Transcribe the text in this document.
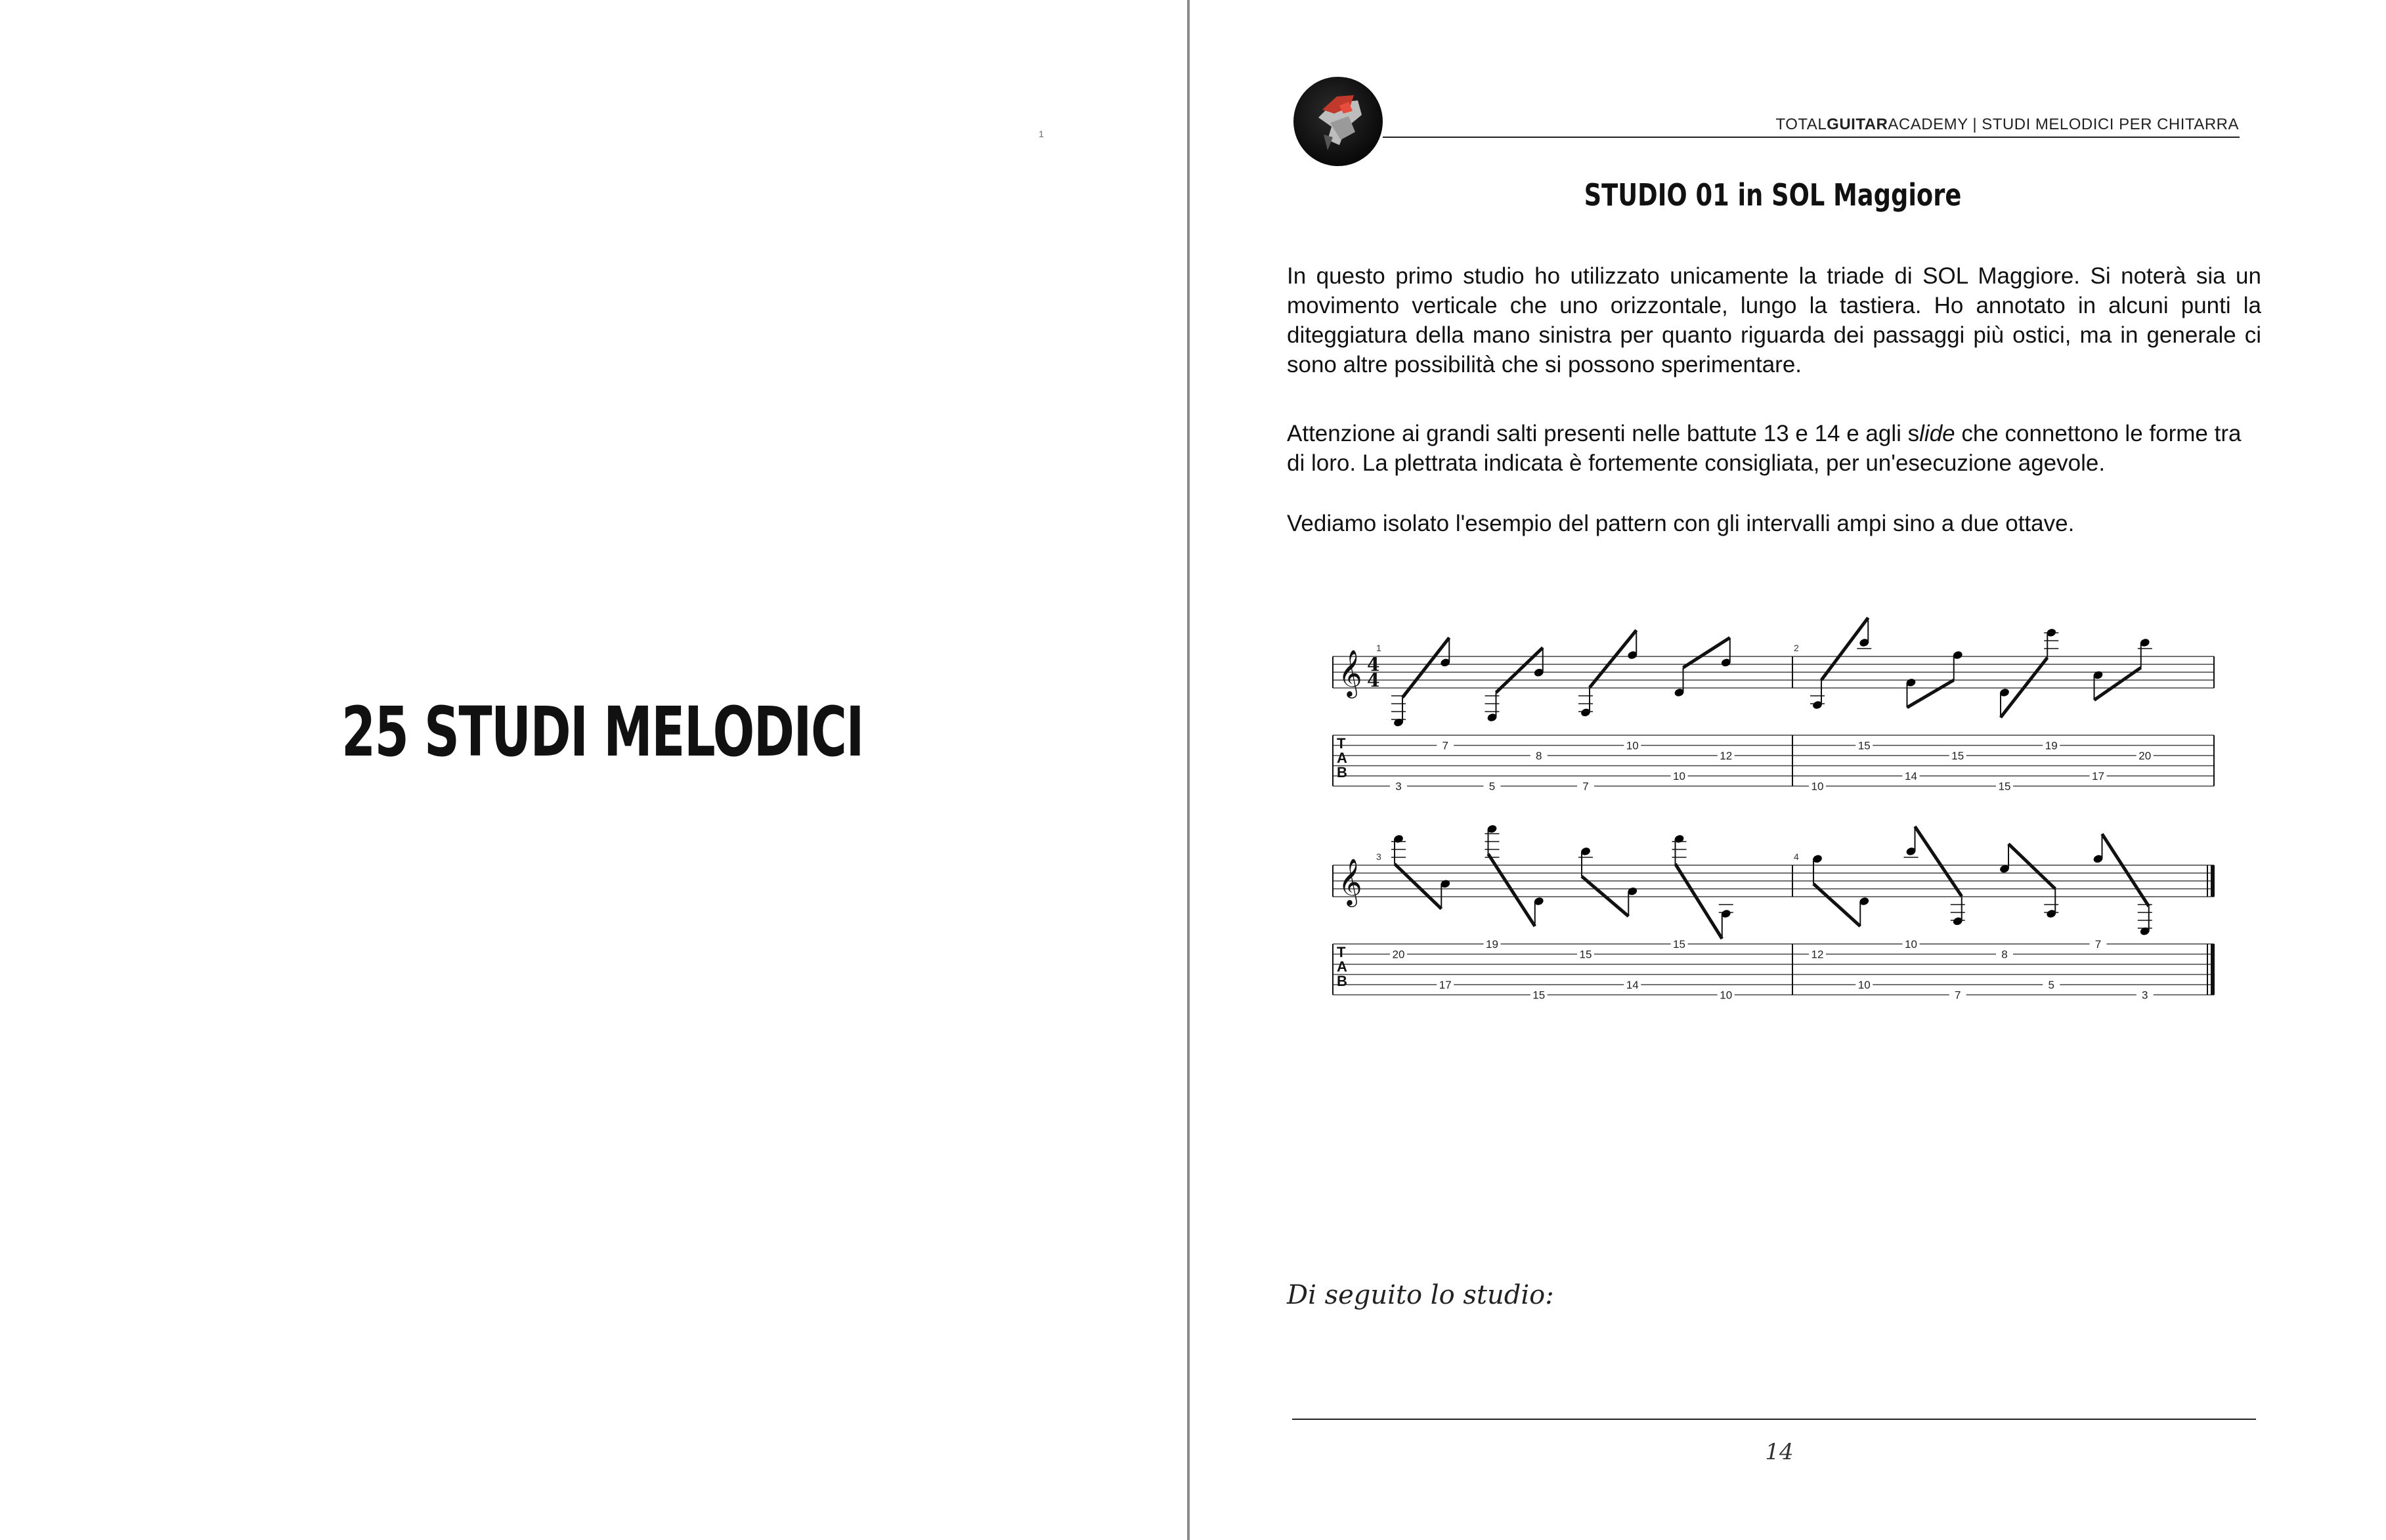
1
25 STUDI MELODICI
TOTALGUITARACADEMY | STUDI MELODICI PER CHITARRA
STUDIO 01 in SOL Maggiore
In questo primo studio ho utilizzato unicamente la triade di SOL Maggiore. Si noterà sia un movimento verticale che uno orizzontale, lungo la tastiera. Ho annotato in alcuni punti la diteggiatura della mano sinistra per quanto riguarda dei passaggi più ostici, ma in generale ci sono altre possibilità che si possono sperimentare.
Attenzione ai grandi salti presenti nelle battute 13 e 14 e agli slide che connettono le forme tra di loro. La plettrata indicata è fortemente consigliata, per un'esecuzione agevole.
Vediamo isolato l'esempio del pattern con gli intervalli ampi sino a due ottave.
𝄞 4
4
T
A
B
1
3
7
5
8
7
10
10
12
2
10
15
14
15
15
19
17
20
𝄞
T
A
B
3
20
17
19
15
15
14
15
10
4
12
10
10
7
8
5
7
3
Di seguito lo studio:
14
